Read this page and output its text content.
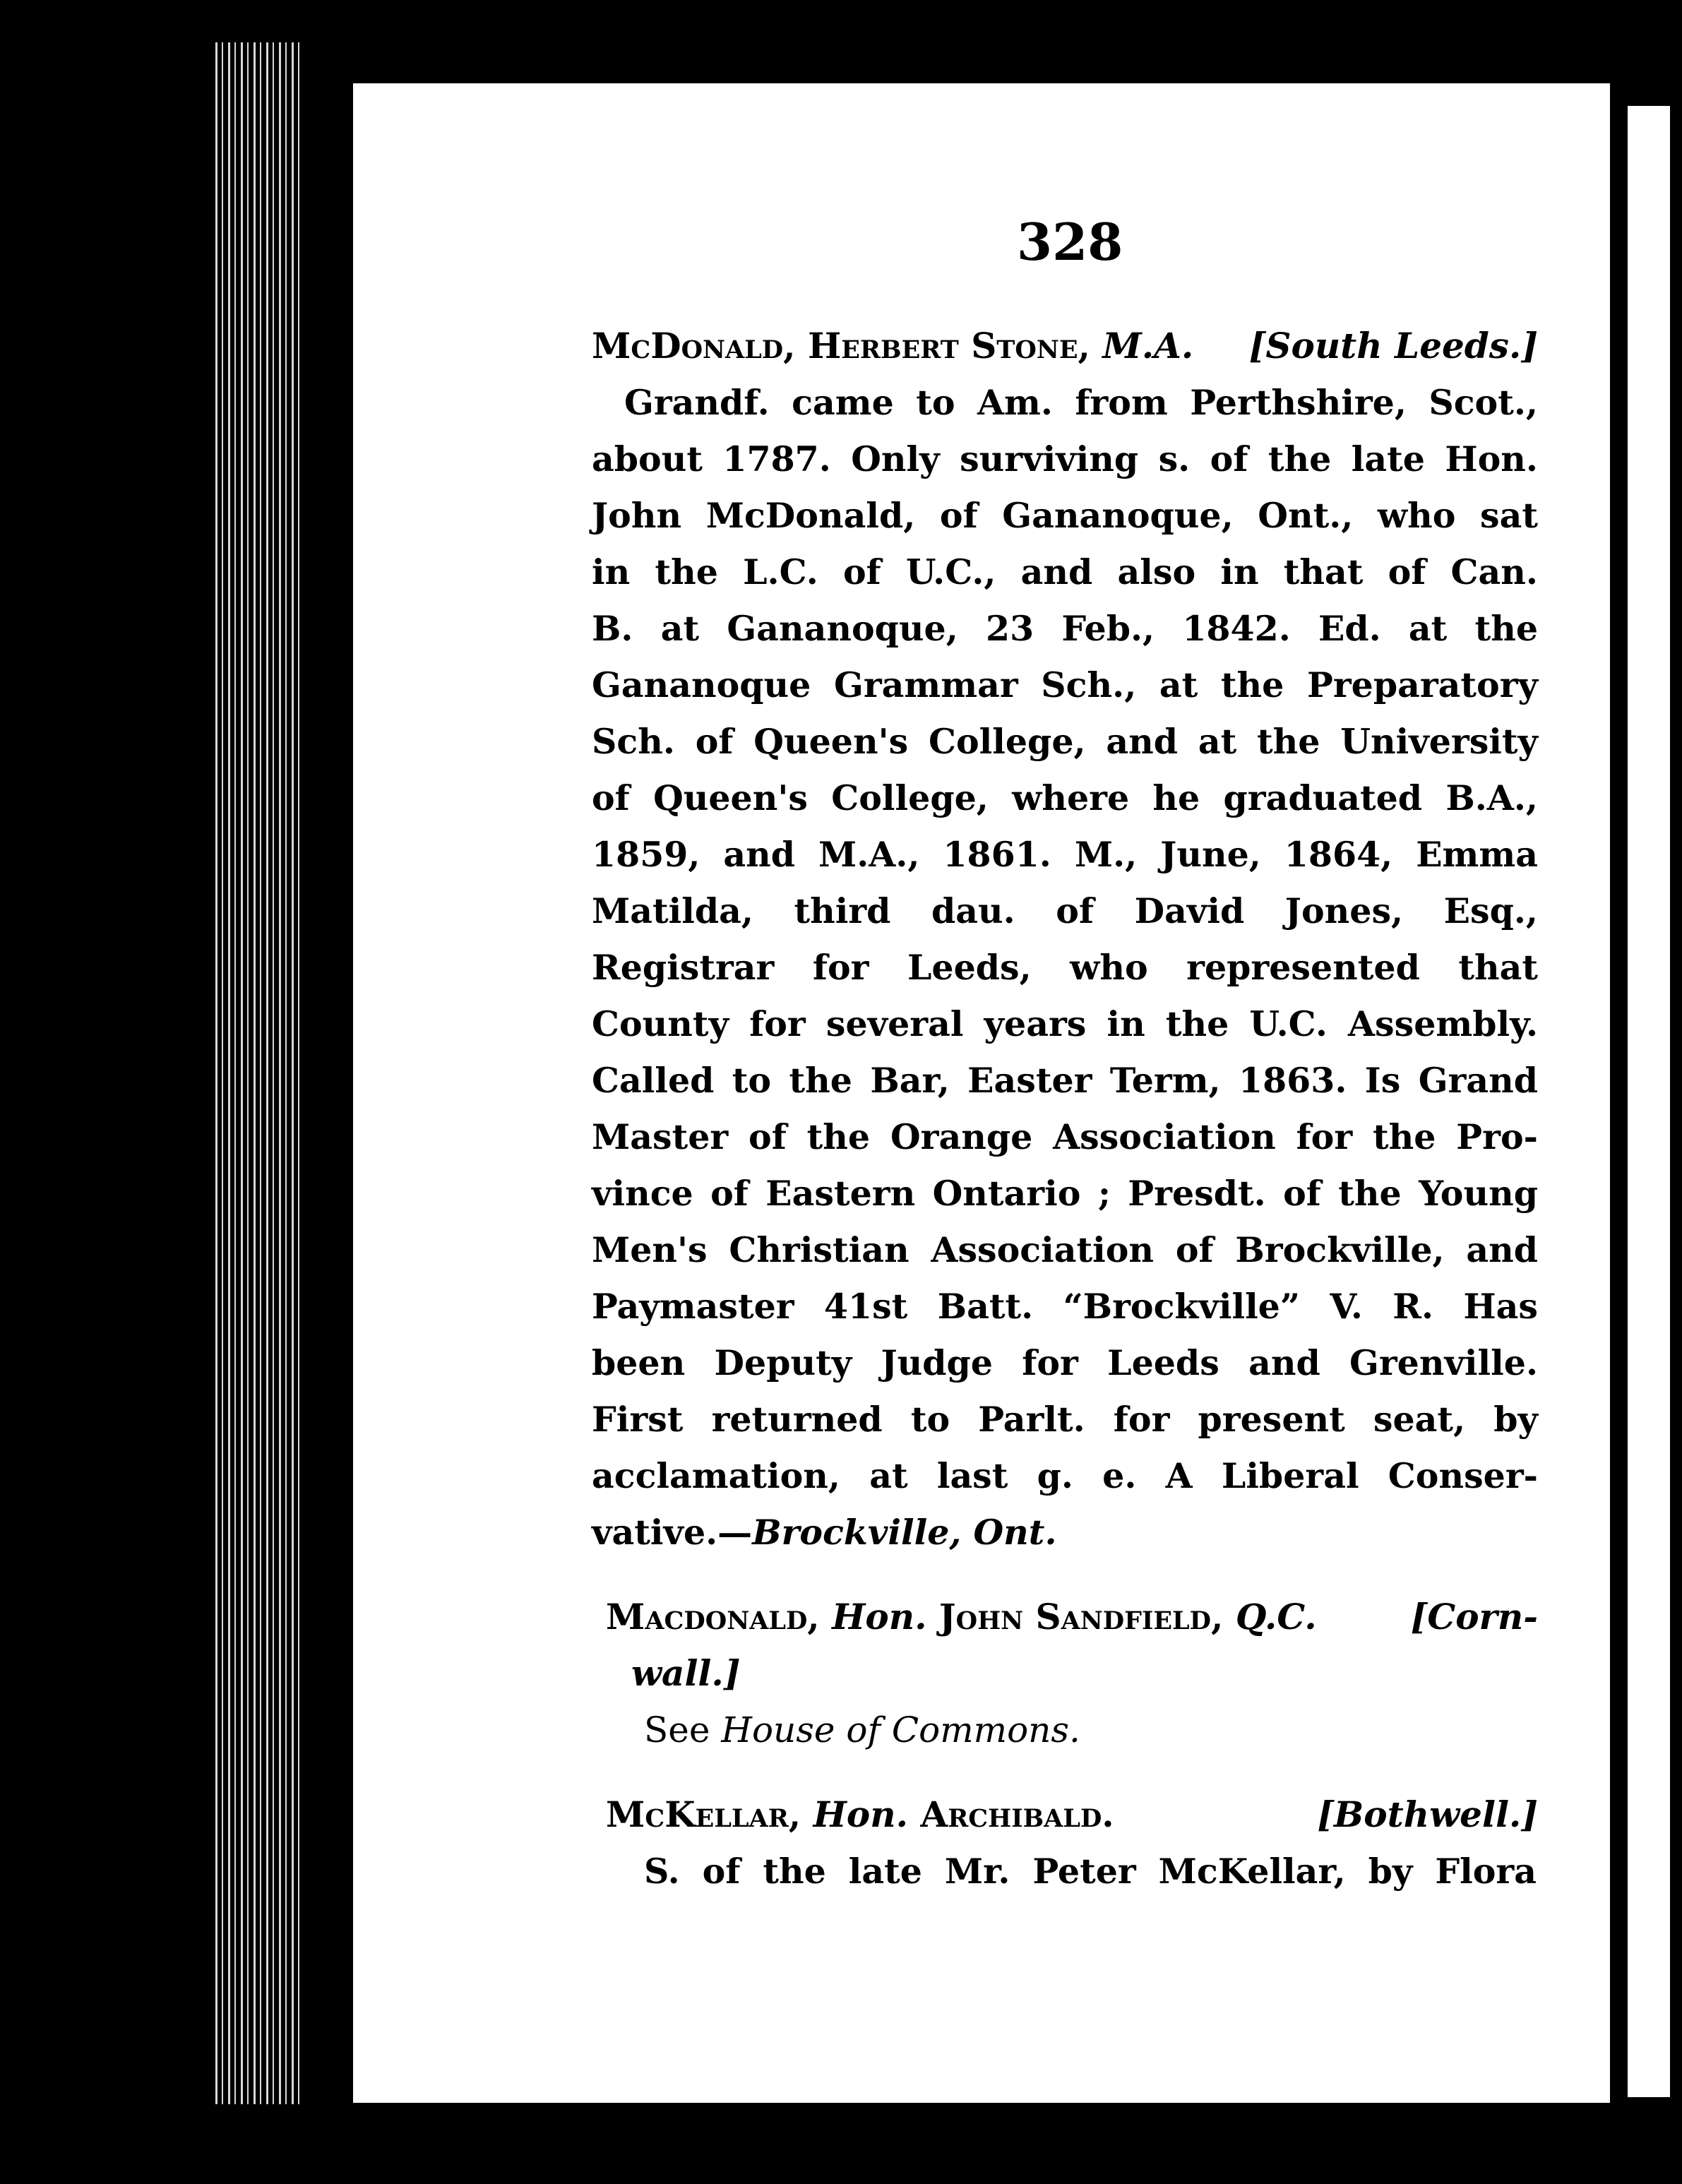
328
McDonald, Herbert Stone, M.A. [South Leeds.]
Grandf. came to Am. from Perthshire, Scot.,
about 1787. Only surviving s. of the late Hon.
John McDonald, of Gananoque, Ont., who sat
in the L.C. of U.C., and also in that of Can.
B. at Gananoque, 23 Feb., 1842. Ed. at the
Gananoque Grammar Sch., at the Preparatory
Sch. of Queen's College, and at the University
of Queen's College, where he graduated B.A.,
1859, and M.A., 1861. M., June, 1864, Emma
Matilda, third dau. of David Jones, Esq.,
Registrar for Leeds, who represented that
County for several years in the U.C. Assembly.
Called to the Bar, Easter Term, 1863. Is Grand
Master of the Orange Association for the Pro-
vince of Eastern Ontario ; Presdt. of the Young
Men's Christian Association of Brockville, and
Paymaster 41st Batt. “Brockville” V. R. Has
been Deputy Judge for Leeds and Grenville.
First returned to Parlt. for present seat, by
acclamation, at last g. e. A Liberal Conser-
vative.—Brockville, Ont.
Macdonald, Hon. John Sandfield, Q.C.	[Corn-
wall.]
See House of Commons.
McKellar, Hon. Archibald.	[Bothwell.]
S. of the late Mr. Peter McKellar, by Flora
